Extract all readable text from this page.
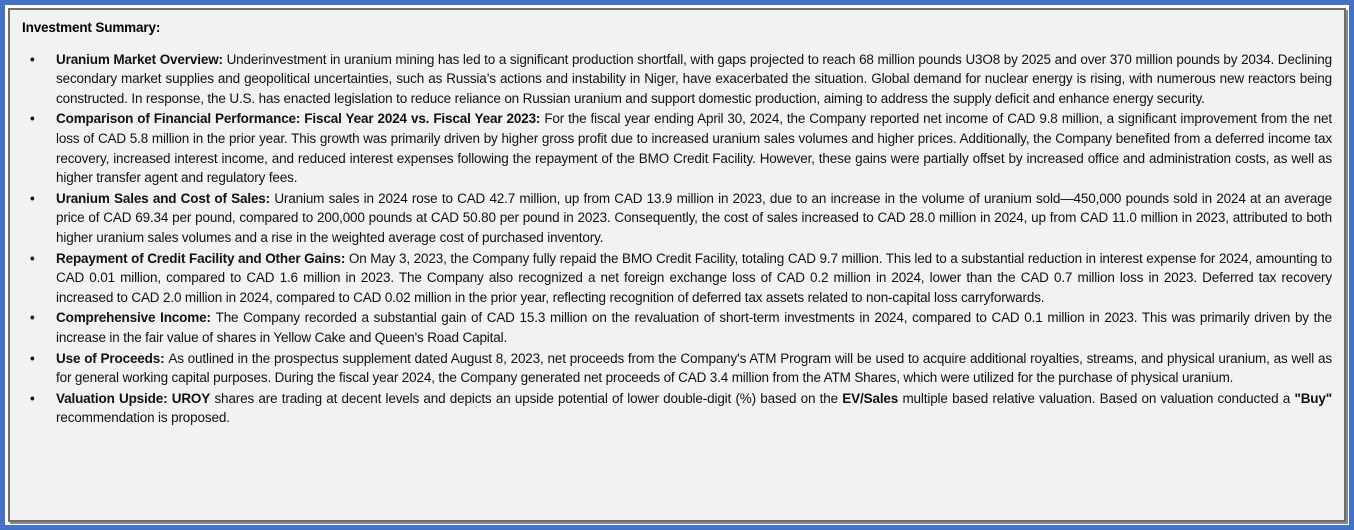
Investment Summary:
•	Uranium Market Overview: Underinvestment in uranium mining has led to a significant production shortfall, with gaps projected to reach 68 million pounds U3O8 by 2025 and over 370 million pounds by 2034. Declining secondary market supplies and geopolitical uncertainties, such as Russia’s actions and instability in Niger, have exacerbated the situation. Global demand for nuclear energy is rising, with numerous new reactors being constructed. In response, the U.S. has enacted legislation to reduce reliance on Russian uranium and support domestic production, aiming to address the supply deficit and enhance energy security.
•	Comparison of Financial Performance: Fiscal Year 2024 vs. Fiscal Year 2023: For the fiscal year ending April 30, 2024, the Company reported net income of CAD 9.8 million, a significant improvement from the net loss of CAD 5.8 million in the prior year. This growth was primarily driven by higher gross profit due to increased uranium sales volumes and higher prices. Additionally, the Company benefited from a deferred income tax recovery, increased interest income, and reduced interest expenses following the repayment of the BMO Credit Facility. However, these gains were partially offset by increased office and administration costs, as well as higher transfer agent and regulatory fees.
•	Uranium Sales and Cost of Sales: Uranium sales in 2024 rose to CAD 42.7 million, up from CAD 13.9 million in 2023, due to an increase in the volume of uranium sold—450,000 pounds sold in 2024 at an average price of CAD 69.34 per pound, compared to 200,000 pounds at CAD 50.80 per pound in 2023. Consequently, the cost of sales increased to CAD 28.0 million in 2024, up from CAD 11.0 million in 2023, attributed to both higher uranium sales volumes and a rise in the weighted average cost of purchased inventory.
•	Repayment of Credit Facility and Other Gains: On May 3, 2023, the Company fully repaid the BMO Credit Facility, totaling CAD 9.7 million. This led to a substantial reduction in interest expense for 2024, amounting to CAD 0.01 million, compared to CAD 1.6 million in 2023. The Company also recognized a net foreign exchange loss of CAD 0.2 million in 2024, lower than the CAD 0.7 million loss in 2023. Deferred tax recovery increased to CAD 2.0 million in 2024, compared to CAD 0.02 million in the prior year, reflecting recognition of deferred tax assets related to non-capital loss carryforwards.
•	Comprehensive Income: The Company recorded a substantial gain of CAD 15.3 million on the revaluation of short-term investments in 2024, compared to CAD 0.1 million in 2023. This was primarily driven by the increase in the fair value of shares in Yellow Cake and Queen's Road Capital.
•	Use of Proceeds: As outlined in the prospectus supplement dated August 8, 2023, net proceeds from the Company's ATM Program will be used to acquire additional royalties, streams, and physical uranium, as well as for general working capital purposes. During the fiscal year 2024, the Company generated net proceeds of CAD 3.4 million from the ATM Shares, which were utilized for the purchase of physical uranium.
•	Valuation Upside: UROY shares are trading at decent levels and depicts an upside potential of lower double-digit (%) based on the EV/Sales multiple based relative valuation. Based on valuation conducted a "Buy" recommendation is proposed.
